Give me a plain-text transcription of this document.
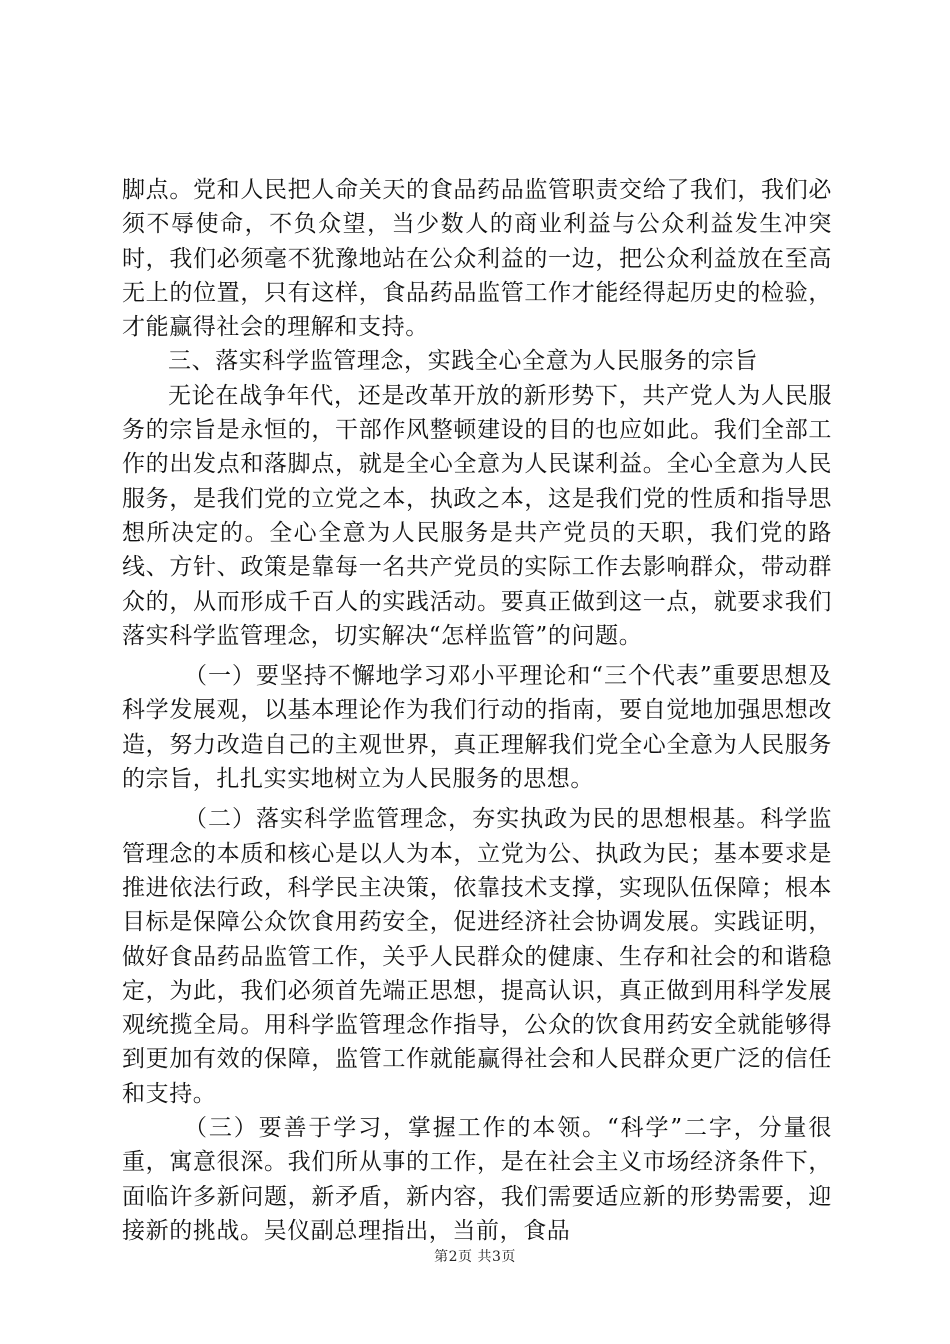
脚点。党和人民把人命关天的食品药品监管职责交给了我们，我们必须不辱使命，不负众望，当少数人的商业利益与公众利益发生冲突时，我们必须毫不犹豫地站在公众利益的一边，把公众利益放在至高无上的位置，只有这样，食品药品监管工作才能经得起历史的检验，才能赢得社会的理解和支持。

三、落实科学监管理念，实践全心全意为人民服务的宗旨

无论在战争年代，还是改革开放的新形势下，共产党人为人民服务的宗旨是永恒的，干部作风整顿建设的目的也应如此。我们全部工作的出发点和落脚点，就是全心全意为人民谋利益。全心全意为人民服务，是我们党的立党之本，执政之本，这是我们党的性质和指导思想所决定的。全心全意为人民服务是共产党员的天职，我们党的路线、方针、政策是靠每一名共产党员的实际工作去影响群众，带动群众的，从而形成千百人的实践活动。要真正做到这一点，就要求我们落实科学监管理念，切实解决“怎样监管”的问题。

（一）要坚持不懈地学习邓小平理论和“三个代表”重要思想及科学发展观，以基本理论作为我们行动的指南，要自觉地加强思想改造，努力改造自己的主观世界，真正理解我们党全心全意为人民服务的宗旨，扎扎实实地树立为人民服务的思想。

（二）落实科学监管理念，夯实执政为民的思想根基。科学监管理念的本质和核心是以人为本，立党为公、执政为民；基本要求是推进依法行政，科学民主决策，依靠技术支撑，实现队伍保障；根本目标是保障公众饮食用药安全，促进经济社会协调发展。实践证明，做好食品药品监管工作，关乎人民群众的健康、生存和社会的和谐稳定，为此，我们必须首先端正思想，提高认识，真正做到用科学发展观统揽全局。用科学监管理念作指导，公众的饮食用药安全就能够得到更加有效的保障，监管工作就能赢得社会和人民群众更广泛的信任和支持。

（三）要善于学习，掌握工作的本领。“科学”二字，分量很重，寓意很深。我们所从事的工作，是在社会主义市场经济条件下，面临许多新问题，新矛盾，新内容，我们需要适应新的形势需要，迎接新的挑战。吴仪副总理指出，当前，食品

第2页 共3页
